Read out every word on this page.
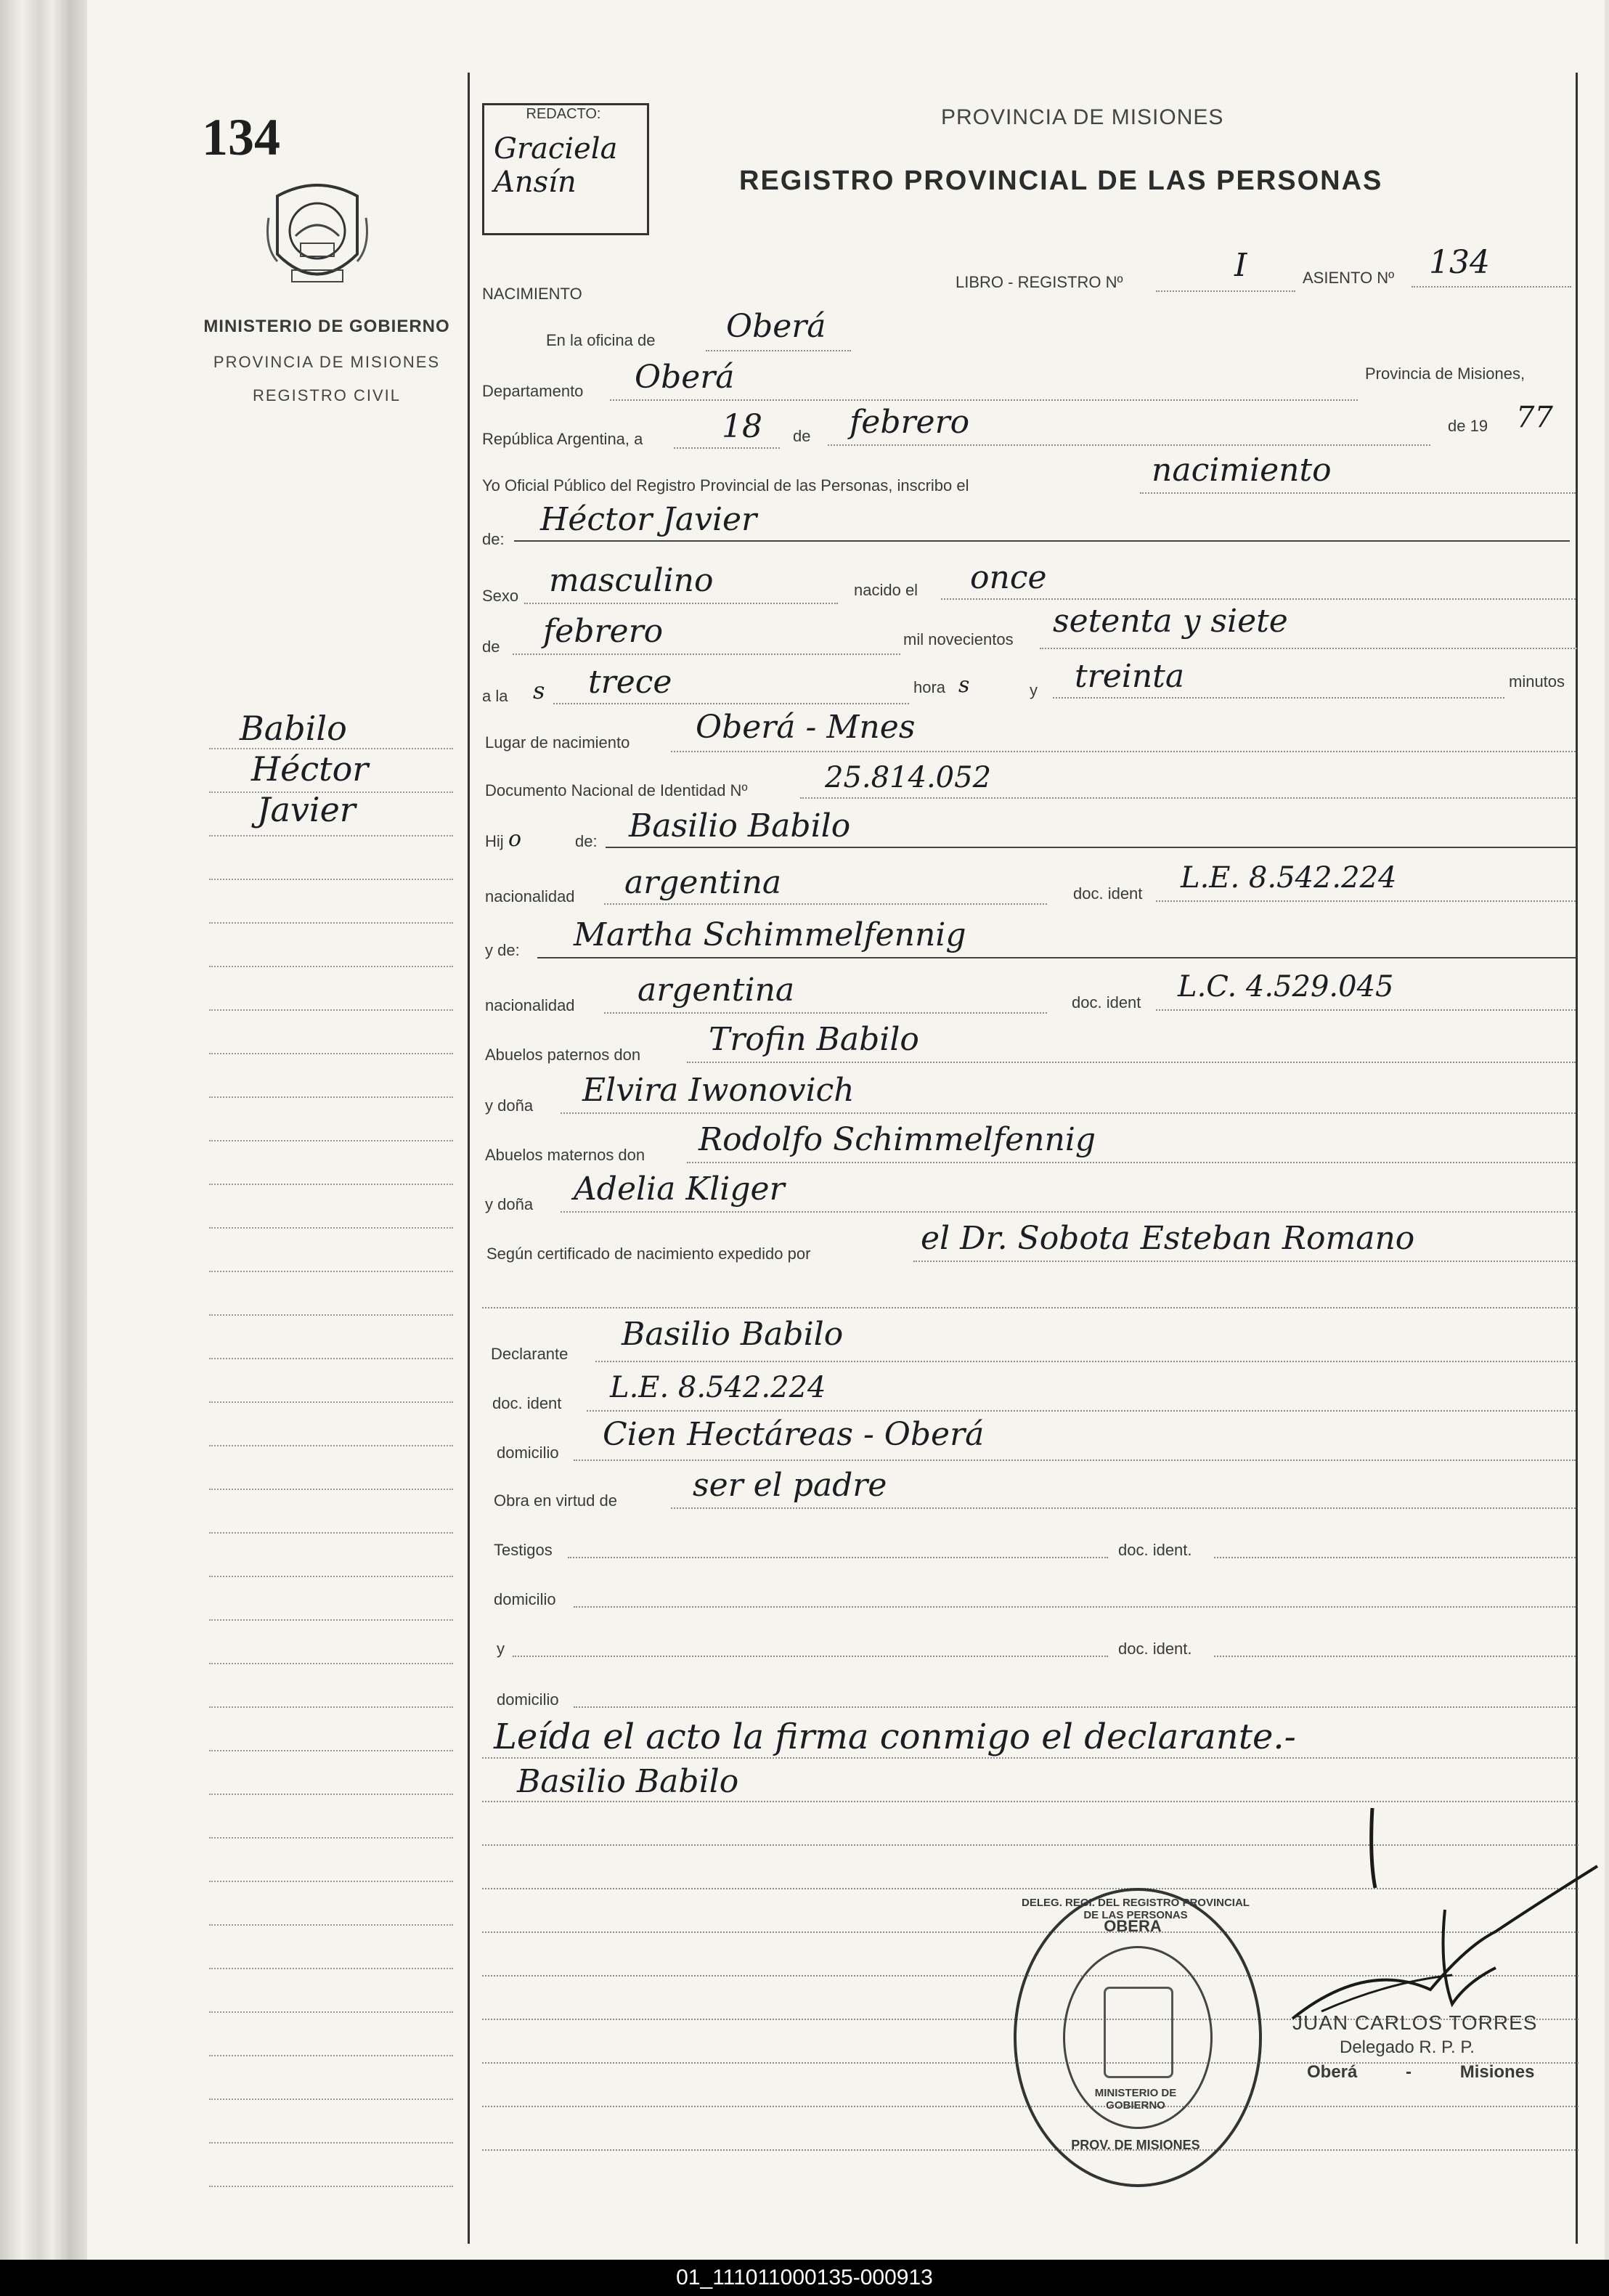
134
MINISTERIO DE GOBIERNO
PROVINCIA DE MISIONES
REGISTRO CIVIL
Babilo
Héctor
Javier
REDACTO:
Graciela Ansín
PROVINCIA DE MISIONES
REGISTRO PROVINCIAL DE LAS PERSONAS
NACIMIENTO
LIBRO - REGISTRO Nº	I	ASIENTO Nº 134
En la oficina de Oberá
Departamento Oberá	Provincia de Misiones,
República Argentina, a 18 de febrero	de 19 77
Yo Oficial Público del Registro Provincial de las Personas, inscribo el	nacimiento
de:
Héctor Javier
Sexo masculino	nacido el once
de febrero	mil novecientos setenta y siete
a la s trece	hora s	y treinta	minutos
Lugar de nacimiento Oberá - Mnes
Documento Nacional de Identidad Nº	25.814.052
Hij o	de: Basilio Babilo
nacionalidad argentina	doc. ident L.E. 8.542.224
y de: Martha Schimmelfennig
nacionalidad argentina	doc. ident L.C. 4.529.045
Abuelos paternos don Trofin Babilo
y doña Elvira Iwonovich
Abuelos maternos don Rodolfo Schimmelfennig
y doña Adelia Kliger
Según certificado de nacimiento expedido por	el Dr. Sobota Esteban Romano
Declarante
Basilio Babilo
doc. ident L.E. 8.542.224
domicilio Cien Hectáreas - Oberá
Obra en virtud de ser el padre
Testigos	doc. ident.
domicilio
y	doc. ident.
domicilio
Leída el acto la firma conmigo el declarante.-
Basilio Babilo
DELEG. REGI. DEL REGISTRO PROVINCIAL DE LAS PERSONAS
OBERA
MINISTERIO DE GOBIERNO
PROV. DE MISIONES
JUAN CARLOS TORRES
Delegado R. P. P.
Oberá	-	Misiones
01_111011000135-000913
